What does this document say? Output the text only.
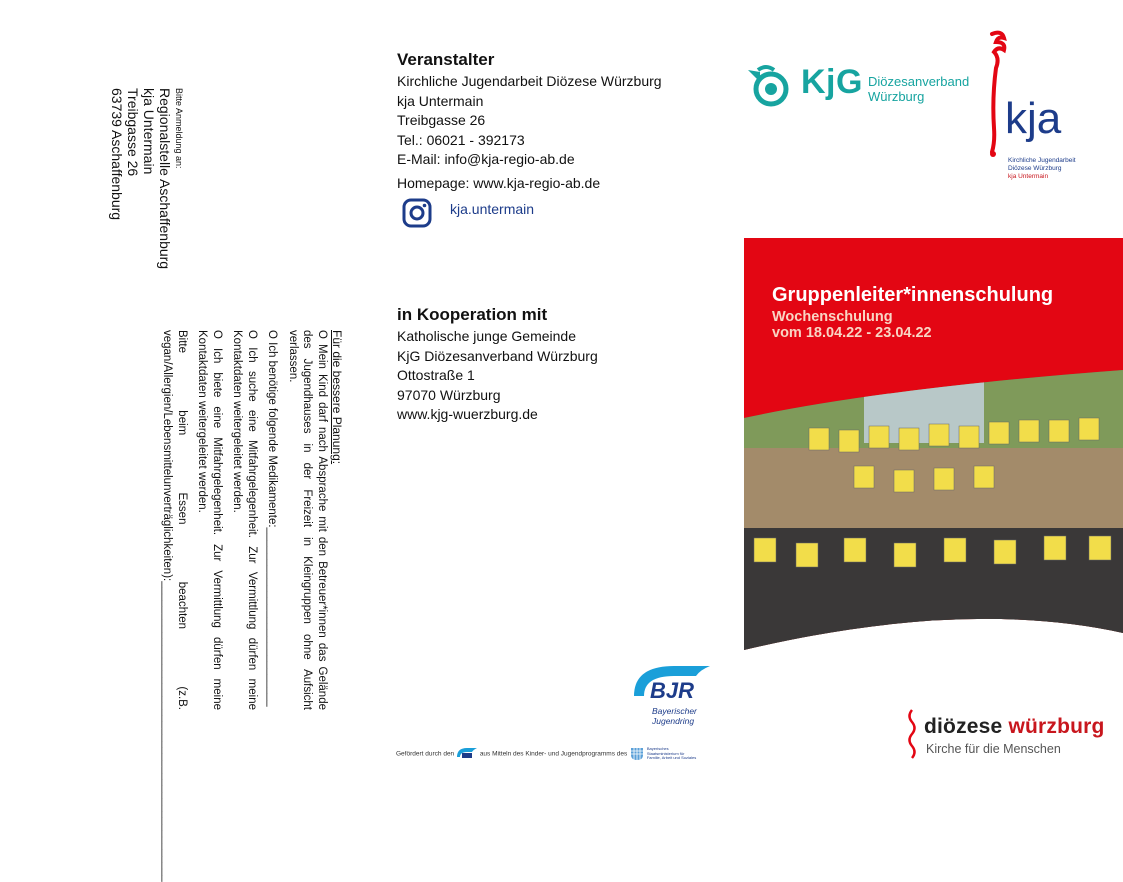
Bitte Anmeldung an:
Regionalstelle Aschaffenburg
kja Untermain
Treibgasse 26
63739 Aschaffenburg
Für die bessere Planung:

O Mein Kind darf nach Absprache mit den Betreuer*innen das Gelände des Jugendhauses in der Freizeit in Kleingruppen ohne Aufsicht verlassen.

O Ich benötige folgende Medikamente:____________________________

O Ich suche eine Mitfahrgelegenheit. Zur Vermittlung dürfen meine Kontaktdaten weitergeleitet werden.

O Ich biete eine Mitfahrgelegenheit. Zur Vermittlung dürfen meine Kontaktdaten weitergeleitet werden.

Bitte beim Essen beachten (z.B. vegan/Allergien/Lebensmittelunverträglichkeiten):_______________________________________________

Veranstalter
Kirchliche Jugendarbeit Diözese Würzburg
kja Untermain
Treibgasse 26
Tel.: 06021 - 392173
E-Mail: info@kja-regio-ab.de
Homepage: www.kja-regio-ab.de
kja.untermain
in Kooperation mit
Katholische junge Gemeinde
KjG Diözesanverband Würzburg
Ottostraße 1
97070 Würzburg
www.kjg-wuerzburg.de
BJR
Bayerischer
Jugendring
Gefördert durch den	aus Mitteln des Kinder- und Jugendprogramms des  Bayerisches Staatsministerium für Familie, Arbeit und Soziales
KjG Diözesanverband
Würzburg	kja
Kirchliche Jugendarbeit
Diözese Würzburg
kja Untermain
Gruppenleiter*innenschulung
Wochenschulung
vom 18.04.22 - 23.04.22
diözese würzburg
Kirche für die Menschen
